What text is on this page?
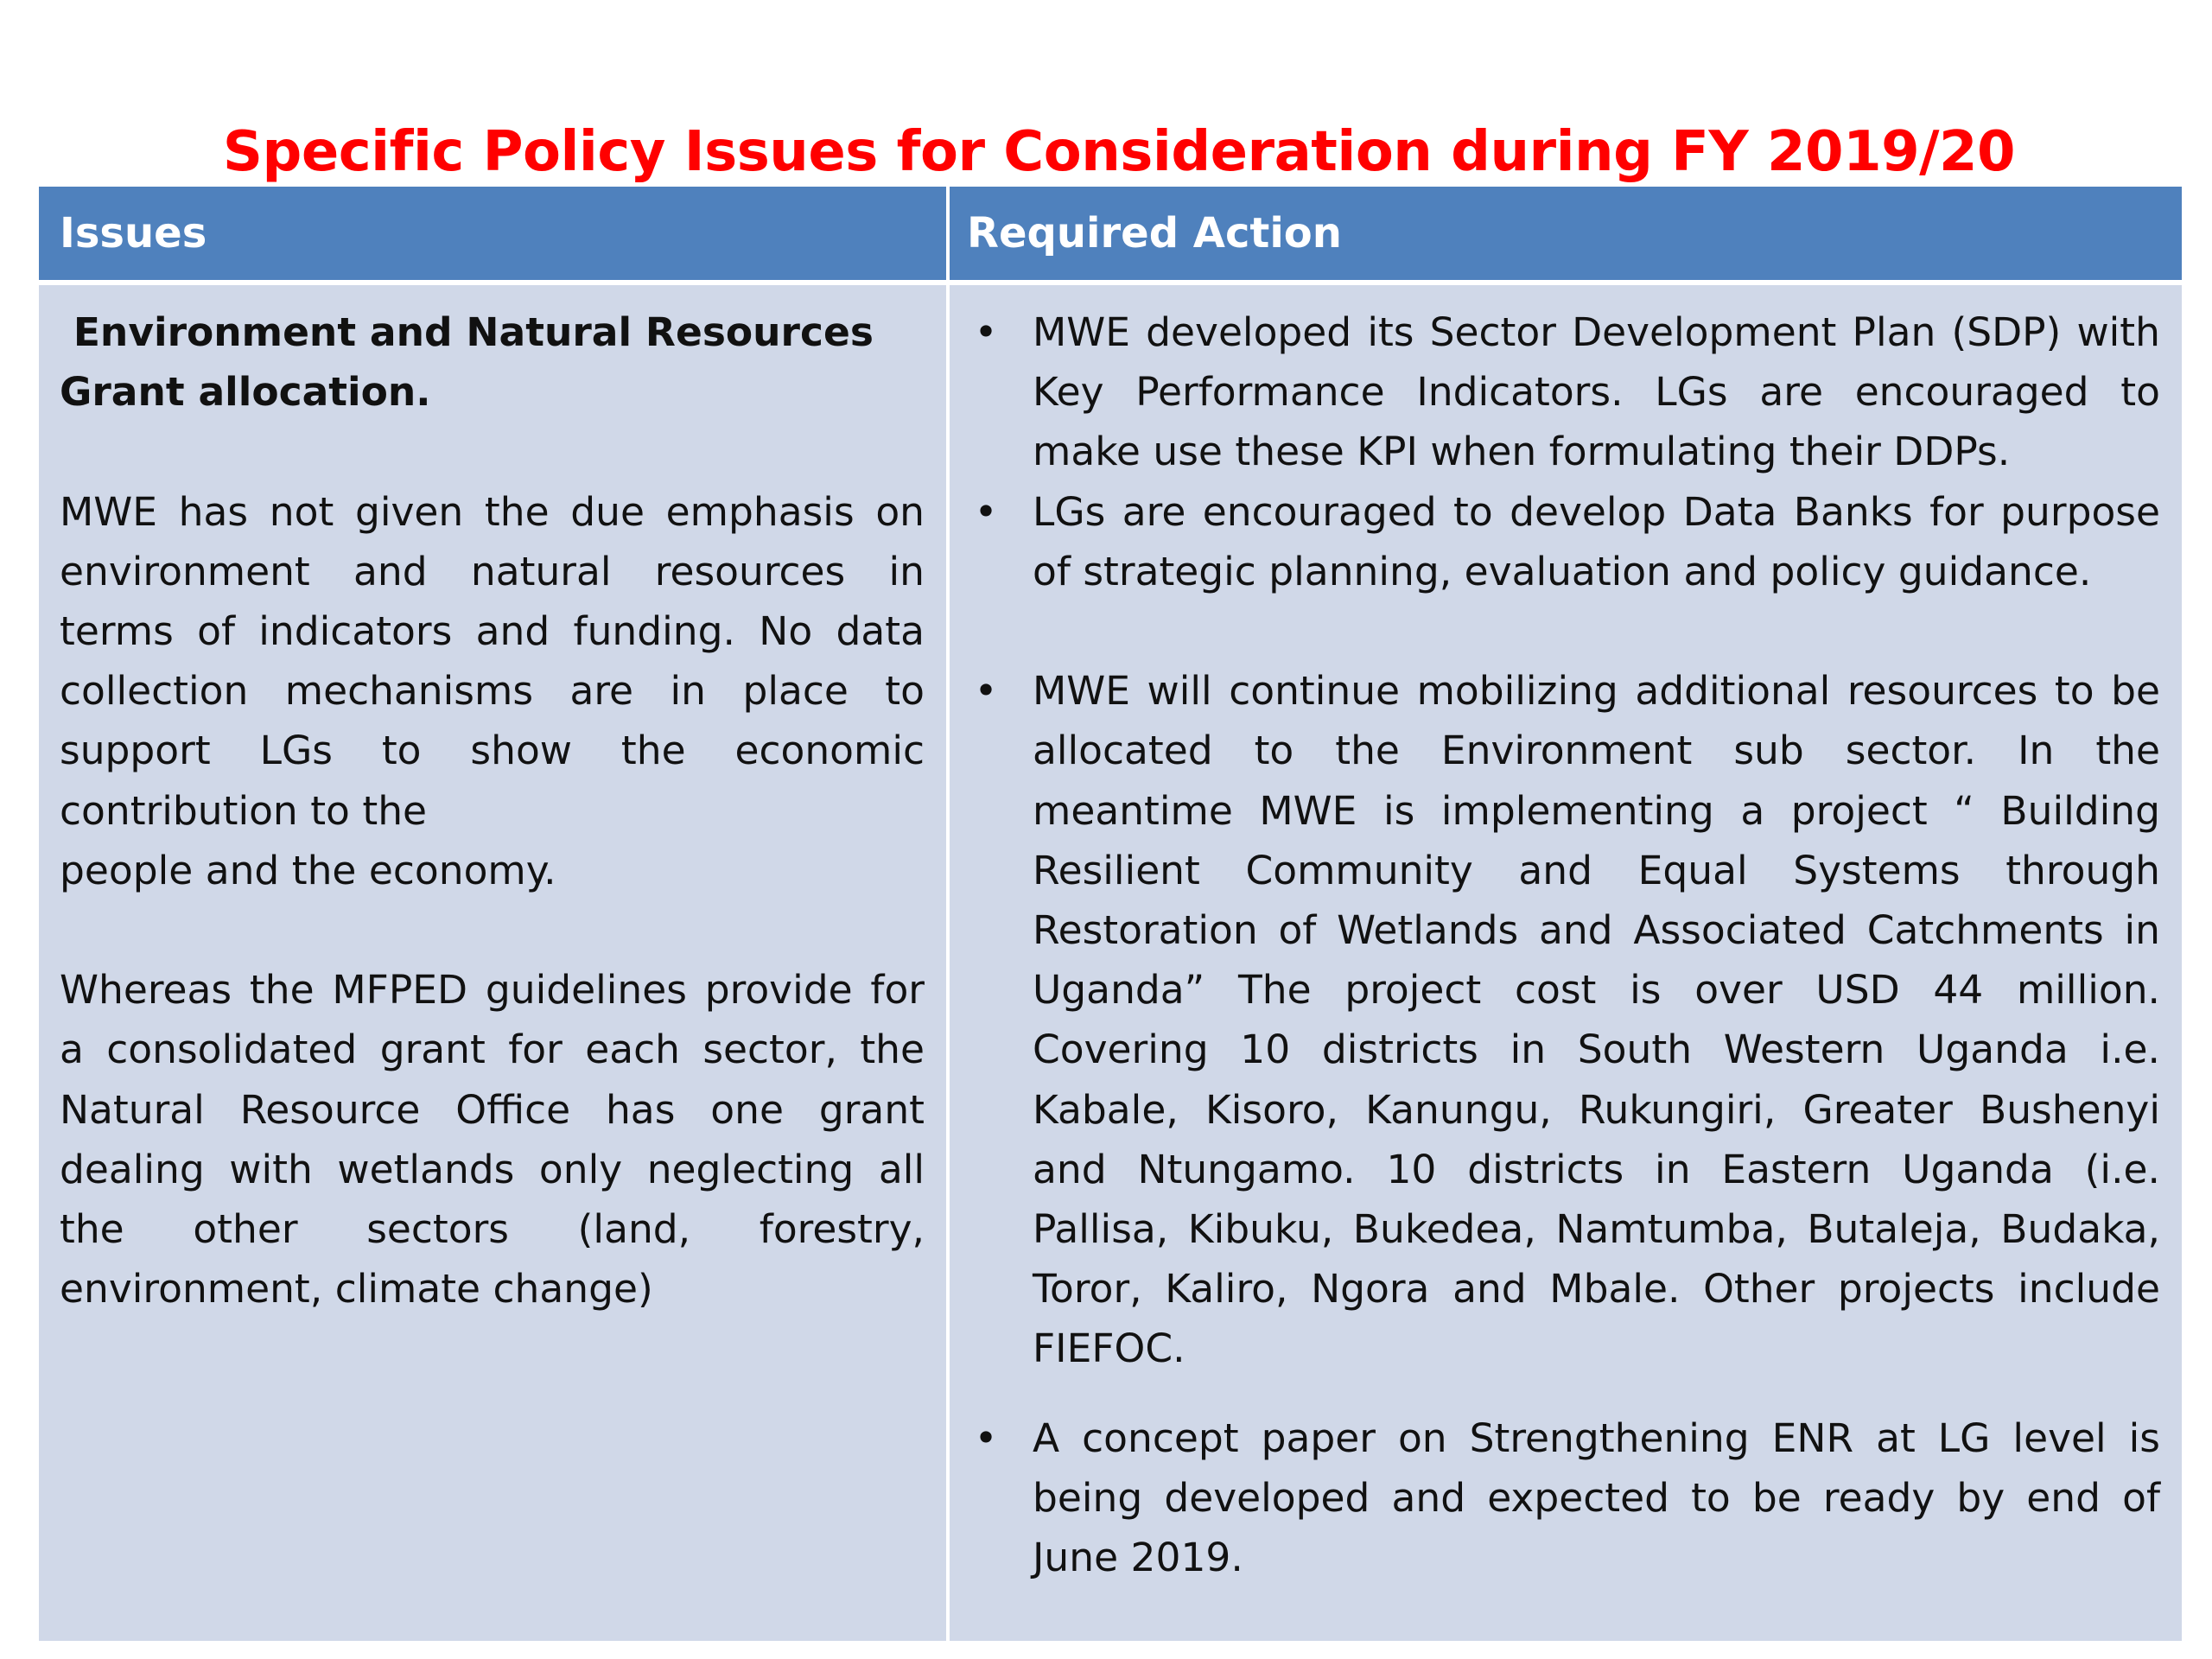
Specific Policy Issues for Consideration during FY 2019/20
Issues	Required Action

Environment and Natural Resources

Grant allocation.

MWE has not given the due emphasis on environment and natural resources in terms of indicators and funding. No data collection mechanisms are in place to support LGs to show the economic contribution to the

people and the economy.

Whereas the MFPED guidelines provide for a consolidated grant for each sector, the Natural Resource Office has one grant dealing with wetlands only neglecting all the other sectors (land, forestry, environment, climate change)

• MWE developed its Sector Development Plan (SDP) with Key Performance Indicators. LGs are encouraged to make use these KPI when formulating their DDPs.
• LGs are encouraged to develop Data Banks for purpose of strategic planning, evaluation and policy guidance.
• MWE will continue mobilizing additional resources to be allocated to the Environment sub sector. In the meantime MWE is implementing a project “ Building Resilient Community and Equal Systems through Restoration of Wetlands and Associated Catchments in Uganda” The project cost is over USD 44 million. Covering 10 districts in South Western Uganda i.e. Kabale, Kisoro, Kanungu, Rukungiri, Greater Bushenyi and Ntungamo. 10 districts in Eastern Uganda (i.e. Pallisa, Kibuku, Bukedea, Namtumba, Butaleja, Budaka, Toror, Kaliro, Ngora and Mbale. Other projects include FIEFOC.
• A concept paper on Strengthening ENR at LG level is being developed and expected to be ready by end of June 2019.
